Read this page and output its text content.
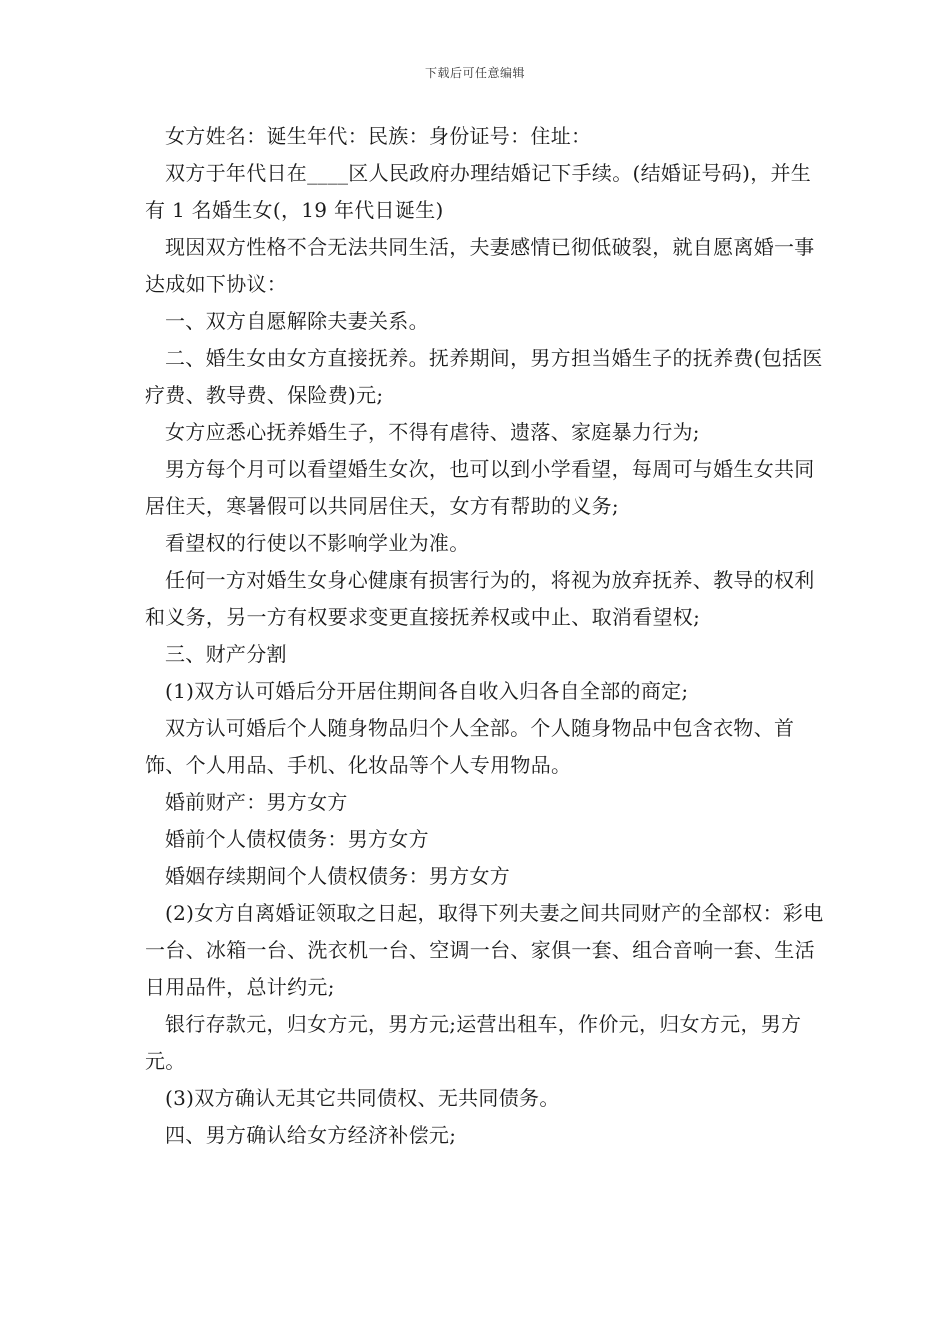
下载后可任意编辑

女方姓名：诞生年代：民族：身份证号：住址：

双方于年代日在____区人民政府办理结婚记下手续。(结婚证号码)，并生有 1 名婚生女(，19 年代日诞生)

现因双方性格不合无法共同生活，夫妻感情已彻低破裂，就自愿离婚一事达成如下协议：

一、双方自愿解除夫妻关系。

二、婚生女由女方直接抚养。抚养期间，男方担当婚生子的抚养费(包括医疗费、教导费、保险费)元;

女方应悉心抚养婚生子，不得有虐待、遗落、家庭暴力行为;

男方每个月可以看望婚生女次，也可以到小学看望，每周可与婚生女共同居住天，寒暑假可以共同居住天，女方有帮助的义务;

看望权的行使以不影响学业为准。

任何一方对婚生女身心健康有损害行为的，将视为放弃抚养、教导的权利和义务，另一方有权要求变更直接抚养权或中止、取消看望权;

三、财产分割

(1)双方认可婚后分开居住期间各自收入归各自全部的商定;

双方认可婚后个人随身物品归个人全部。个人随身物品中包含衣物、首饰、个人用品、手机、化妆品等个人专用物品。

婚前财产：男方女方

婚前个人债权债务：男方女方

婚姻存续期间个人债权债务：男方女方

(2)女方自离婚证领取之日起，取得下列夫妻之间共同财产的全部权：彩电一台、冰箱一台、洗衣机一台、空调一台、家俱一套、组合音响一套、生活日用品件，总计约元;

银行存款元，归女方元，男方元;运营出租车，作价元，归女方元，男方元。

(3)双方确认无其它共同债权、无共同债务。

四、男方确认给女方经济补偿元;
